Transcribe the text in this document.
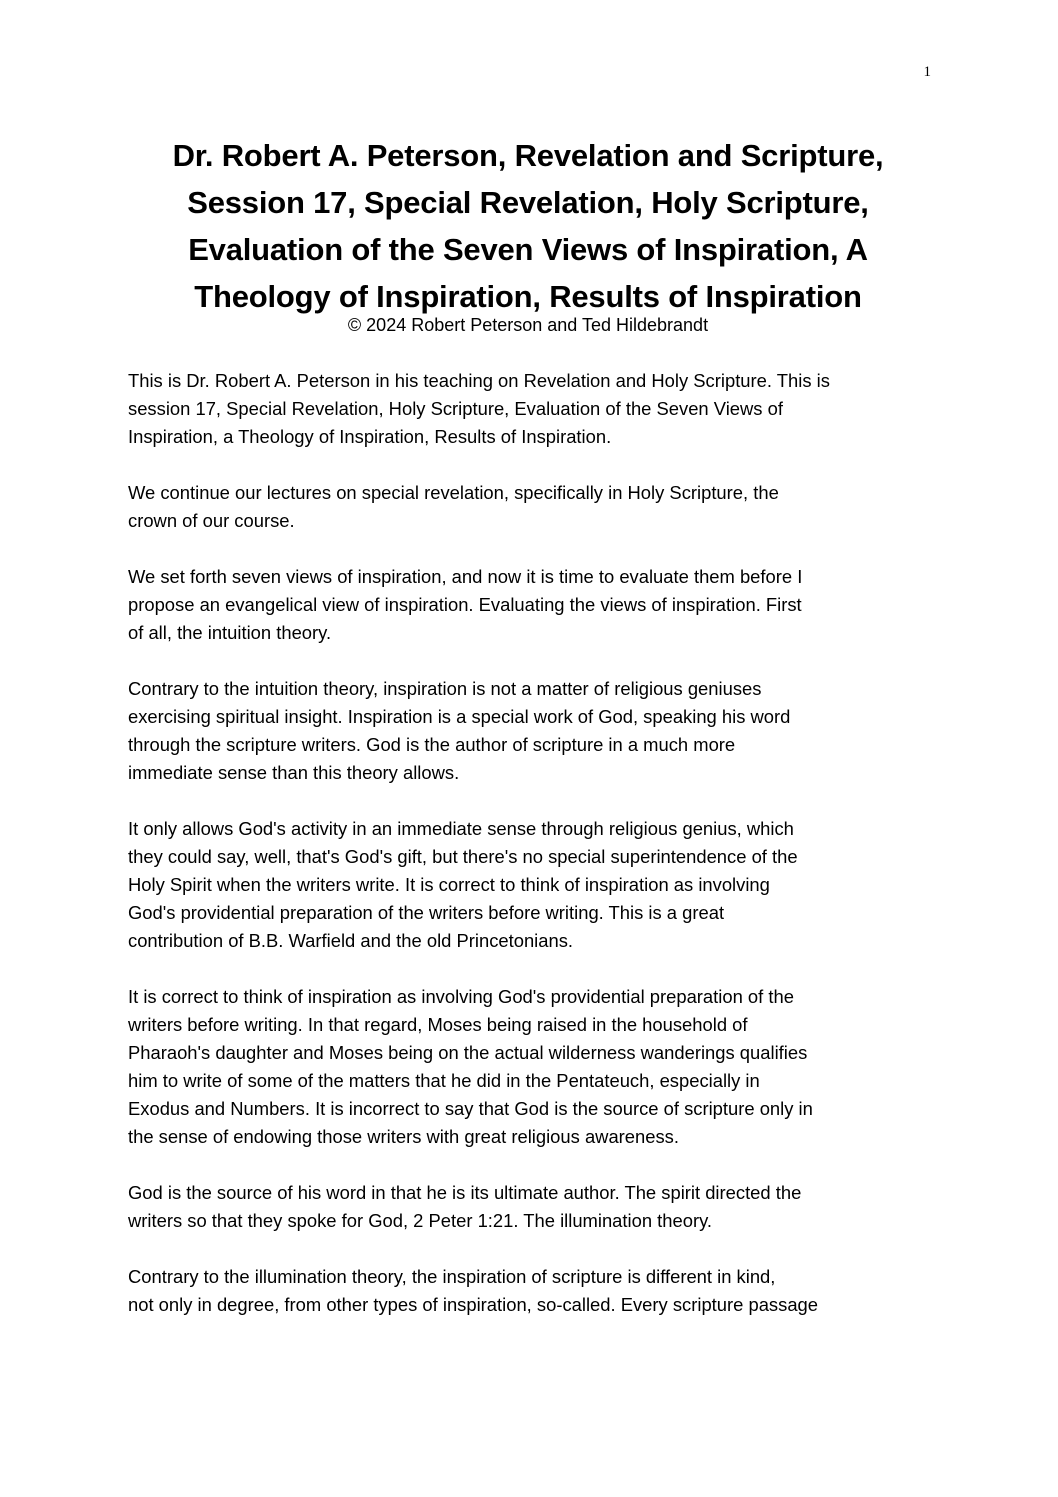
1
Dr. Robert A. Peterson, Revelation and Scripture,
Session 17, Special Revelation, Holy Scripture,
Evaluation of the Seven Views of Inspiration, A
Theology of Inspiration, Results of Inspiration
© 2024 Robert Peterson and Ted Hildebrandt

This is Dr. Robert A. Peterson in his teaching on Revelation and Holy Scripture. This is
session 17, Special Revelation, Holy Scripture, Evaluation of the Seven Views of
Inspiration, a Theology of Inspiration, Results of Inspiration.

We continue our lectures on special revelation, specifically in Holy Scripture, the
crown of our course.

We set forth seven views of inspiration, and now it is time to evaluate them before I
propose an evangelical view of inspiration. Evaluating the views of inspiration. First
of all, the intuition theory.

Contrary to the intuition theory, inspiration is not a matter of religious geniuses
exercising spiritual insight. Inspiration is a special work of God, speaking his word
through the scripture writers. God is the author of scripture in a much more
immediate sense than this theory allows.

It only allows God's activity in an immediate sense through religious genius, which
they could say, well, that's God's gift, but there's no special superintendence of the
Holy Spirit when the writers write. It is correct to think of inspiration as involving
God's providential preparation of the writers before writing. This is a great
contribution of B.B. Warfield and the old Princetonians.

It is correct to think of inspiration as involving God's providential preparation of the
writers before writing. In that regard, Moses being raised in the household of
Pharaoh's daughter and Moses being on the actual wilderness wanderings qualifies
him to write of some of the matters that he did in the Pentateuch, especially in
Exodus and Numbers. It is incorrect to say that God is the source of scripture only in
the sense of endowing those writers with great religious awareness.

God is the source of his word in that he is its ultimate author. The spirit directed the
writers so that they spoke for God, 2 Peter 1:21. The illumination theory.

Contrary to the illumination theory, the inspiration of scripture is different in kind,
not only in degree, from other types of inspiration, so-called. Every scripture passage
